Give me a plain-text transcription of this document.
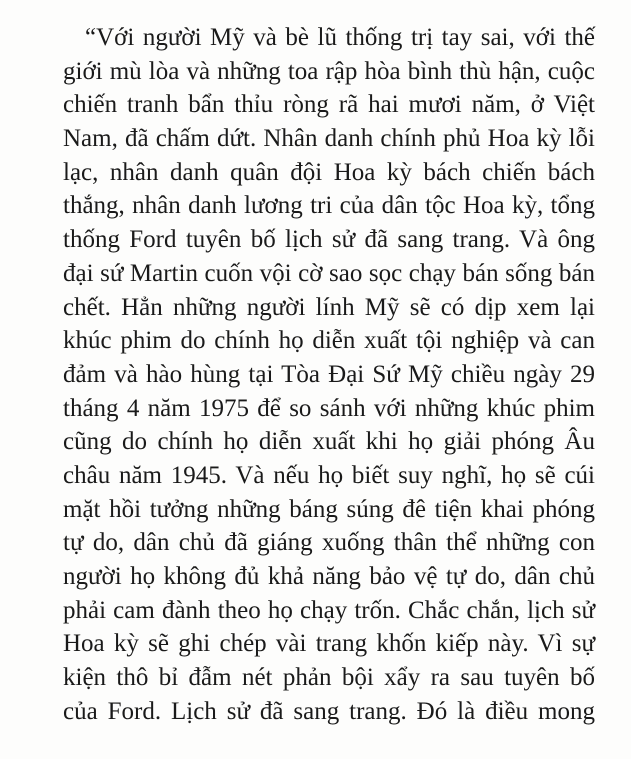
“Với người Mỹ và bè lũ thống trị tay sai, với thế
giới mù lòa và những toa rập hòa bình thù hận, cuộc
chiến tranh bẩn thỉu ròng rã hai mươi năm, ở Việt
Nam, đã chấm dứt. Nhân danh chính phủ Hoa kỳ lỗi
lạc, nhân danh quân đội Hoa kỳ bách chiến bách
thắng, nhân danh lương tri của dân tộc Hoa kỳ, tổng
thống Ford tuyên bố lịch sử đã sang trang. Và ông
đại sứ Martin cuốn vội cờ sao sọc chạy bán sống bán
chết. Hẳn những người lính Mỹ sẽ có dịp xem lại
khúc phim do chính họ diễn xuất tội nghiệp và can
đảm và hào hùng tại Tòa Đại Sứ Mỹ chiều ngày 29
tháng 4 năm 1975 để so sánh với những khúc phim
cũng do chính họ diễn xuất khi họ giải phóng Âu
châu năm 1945. Và nếu họ biết suy nghĩ, họ sẽ cúi
mặt hồi tưởng những báng súng đê tiện khai phóng
tự do, dân chủ đã giáng xuống thân thể những con
người họ không đủ khả năng bảo vệ tự do, dân chủ
phải cam đành theo họ chạy trốn. Chắc chắn, lịch sử
Hoa kỳ sẽ ghi chép vài trang khốn kiếp này. Vì sự
kiện thô bỉ đẫm nét phản bội xẩy ra sau tuyên bố
của Ford. Lịch sử đã sang trang. Đó là điều mong
